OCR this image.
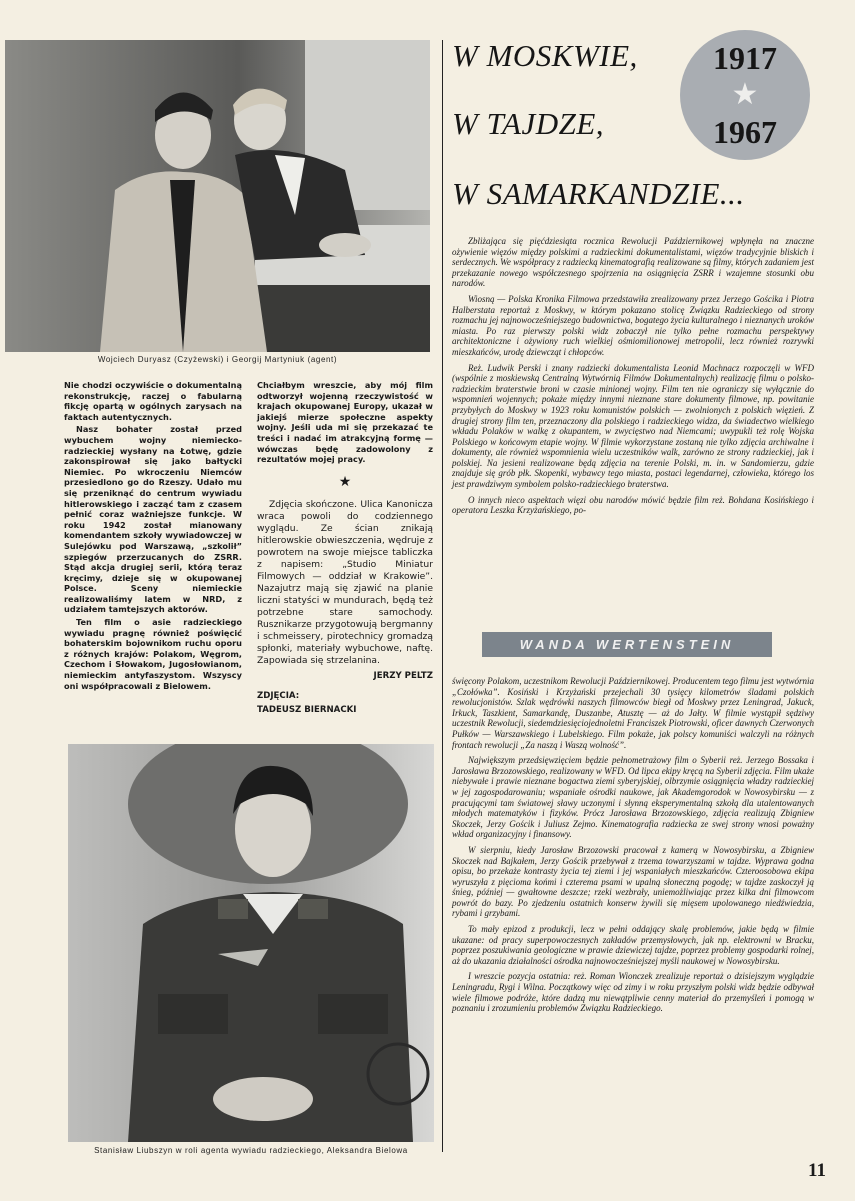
Wojciech Duryasz (Czyżewski) i Georgij Martyniuk (agent)

Nie chodzi oczywiście o dokumentalną rekonstrukcję, raczej o fabularną fikcję opartą w ogólnych zarysach na faktach autentycznych.

Nasz bohater został przed wybuchem wojny niemiecko-radzieckiej wysłany na Łotwę, gdzie zakonspirował się jako bałtycki Niemiec. Po wkroczeniu Niemców przesiedlono go do Rzeszy. Udało mu się przeniknąć do centrum wywiadu hitlerowskiego i zacząć tam z czasem pełnić coraz ważniejsze funkcje. W roku 1942 został mianowany komendantem szkoły wywiadowczej w Sulejówku pod Warszawą, „szkolił” szpiegów przerzucanych do ZSRR. Stąd akcja drugiej serii, którą teraz kręcimy, dzieje się w okupowanej Polsce. Sceny niemieckie realizowaliśmy latem w NRD, z udziałem tamtejszych aktorów.

Ten film o asie radzieckiego wywiadu pragnę również poświęcić bohaterskim bojownikom ruchu oporu z różnych krajów: Polakom, Węgrom, Czechom i Słowakom, Jugosłowianom, niemieckim antyfaszystom. Wszyscy oni współpracowali z Bielowem.

Chciałbym wreszcie, aby mój film odtworzył wojenną rzeczywistość w krajach okupowanej Europy, ukazał w jakiejś mierze społeczne aspekty wojny. Jeśli uda mi się przekazać te treści i nadać im atrakcyjną formę — wówczas będę zadowolony z rezultatów mojej pracy.

★

Zdjęcia skończone. Ulica Kanonicza wraca powoli do codziennego wyglądu. Ze ścian znikają hitlerowskie obwieszczenia, wędruje z powrotem na swoje miejsce tabliczka z napisem: „Studio Miniatur Filmowych — oddział w Krakowie”. Nazajutrz mają się zjawić na planie liczni statyści w mundurach, będą też potrzebne stare samochody. Rusznikarze przygotowują bergmanny i schmeissery, pirotechnicy gromadzą spłonki, materiały wybuchowe, naftę. Zapowiada się strzelanina.

JERZY PELTZ
ZDJĘCIA:
TADEUSZ BIERNACKI
Stanisław Liubszyn w roli agenta wywiadu radzieckiego, Aleksandra Bielowa
W MOSKWIE,
W TAJDZE,
W SAMARKANDZIE...
1917
★
1967

Zbliżająca się pięćdziesiąta rocznica Rewolucji Październikowej wpłynęła na znaczne ożywienie więzów między polskimi a radzieckimi dokumentalistami, więzów tradycyjnie bliskich i serdecznych. We współpracy z radziecką kinematografią realizowane są filmy, których zadaniem jest przekazanie nowego współczesnego spojrzenia na osiągnięcia ZSRR i wzajemne stosunki obu narodów.

Wiosną — Polska Kronika Filmowa przedstawiła zrealizowany przez Jerzego Gościka i Piotra Halberstata reportaż z Moskwy, w którym pokazano stolicę Związku Radzieckiego od strony rozmachu jej najnowocześniejszego budownictwa, bogatego życia kulturalnego i nieznanych uroków miasta. Po raz pierwszy polski widz zobaczył nie tylko pełne rozmachu perspektywy architektoniczne i ożywiony ruch wielkiej ośmiomilionowej metropolii, lecz również rozrywki mieszkańców, urodę dziewcząt i chłopców.

Reż. Ludwik Perski i znany radziecki dokumentalista Leonid Machnacz rozpoczęli w WFD (wspólnie z moskiewską Centralną Wytwórnią Filmów Dokumentalnych) realizację filmu o polsko-radzieckim braterstwie broni w czasie minionej wojny. Film ten nie ograniczy się wyłącznie do wspomnień wojennych; pokaże między innymi nieznane stare dokumenty filmowe, np. powitanie przybyłych do Moskwy w 1923 roku komunistów polskich — zwolnionych z polskich więzień. Z drugiej strony film ten, przeznaczony dla polskiego i radzieckiego widza, da świadectwo wielkiego wkładu Polaków w walkę z okupantem, w zwycięstwo nad Niemcami; uwypukli też rolę Wojska Polskiego w końcowym etapie wojny. W filmie wykorzystane zostaną nie tylko zdjęcia archiwalne i dokumenty, ale również wspomnienia wielu uczestników walk, zarówno ze strony radzieckiej, jak i polskiej. Na jesieni realizowane będą zdjęcia na terenie Polski, m. in. w Sandomierzu, gdzie znajduje się grób płk. Skopenki, wybawcy tego miasta, postaci legendarnej, człowieka, którego los jest prawdziwym symbolem polsko-radzieckiego braterstwa.

O innych nieco aspektach więzi obu narodów mówić będzie film reż. Bohdana Kosińskiego i operatora Leszka Krzyżańskiego, po-

WANDA WERTENSTEIN

święcony Polakom, uczestnikom Rewolucji Październikowej. Producentem tego filmu jest wytwórnia „Czołówka”. Kosiński i Krzyżański przejechali 30 tysięcy kilometrów śladami polskich rewolucjonistów. Szlak wędrówki naszych filmowców biegł od Moskwy przez Leningrad, Jakuck, Irkuck, Taszkient, Samarkandę, Duszanbe, Atusztę — aż do Jałty. W filmie wystąpił sędziwy uczestnik Rewolucji, siedemdziesięciojednoletni Franciszek Piotrowski, oficer dawnych Czerwonych Pułków — Warszawskiego i Lubelskiego. Film pokaże, jak polscy komuniści walczyli na różnych frontach rewolucji „Za naszą i Waszą wolność”.

Największym przedsięwzięciem będzie pełnometrażowy film o Syberii reż. Jerzego Bossaka i Jarosława Brzozowskiego, realizowany w WFD. Od lipca ekipy kręcą na Syberii zdjęcia. Film ukaże niebywałe i prawie nieznane bogactwa ziemi syberyjskiej, olbrzymie osiągnięcia władzy radzieckiej w jej zagospodarowaniu; wspaniałe ośrodki naukowe, jak Akademgorodok w Nowosybirsku — z pracującymi tam światowej sławy uczonymi i słynną eksperymentalną szkołą dla utalentowanych młodych matematyków i fizyków. Prócz Jarosława Brzozowskiego, zdjęcia realizują Zbigniew Skoczek, Jerzy Gościk i Juliusz Zejmo. Kinematografia radziecka ze swej strony wnosi poważny wkład organizacyjny i finansowy.

W sierpniu, kiedy Jarosław Brzozowski pracował z kamerą w Nowosybirsku, a Zbigniew Skoczek nad Bajkałem, Jerzy Gościk przebywał z trzema towarzyszami w tajdze. Wyprawa godna opisu, bo przekaże kontrasty życia tej ziemi i jej wspaniałych mieszkańców. Czteroosobowa ekipa wyruszyła z pięcioma końmi i czterema psami w upalną słoneczną pogodę; w tajdze zaskoczył ją śnieg, później — gwałtowne deszcze; rzeki wezbrały, uniemożliwiając przez kilka dni filmowcom powrót do bazy. Po zjedzeniu ostatnich konserw żywili się mięsem upolowanego niedźwiedzia, rybami i grzybami.

To mały epizod z produkcji, lecz w pełni oddający skalę problemów, jakie będą w filmie ukazane: od pracy superpowoczesnych zakładów przemysłowych, jak np. elektrowni w Bracku, poprzez poszukiwania geologiczne w prawie dziewiczej tajdze, poprzez problemy gospodarki rolnej, aż do ukazania działalności ośrodka najnowocześniejszej myśli naukowej w Nowosybirsku.

I wreszcie pozycja ostatnia: reż. Roman Wionczek zrealizuje reportaż o dzisiejszym wyglądzie Leningradu, Rygi i Wilna. Początkowy więc od zimy i w roku przyszłym polski widz będzie odbywał wiele filmowe podróże, które dadzą mu niewątpliwie cenny materiał do przemyśleń i pomogą w poznaniu i zrozumieniu problemów Związku Radzieckiego.

11
